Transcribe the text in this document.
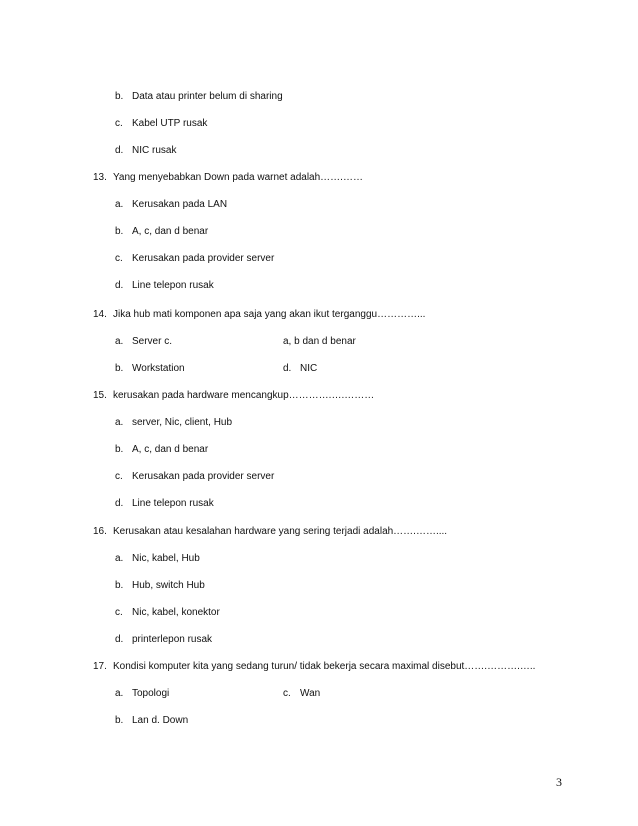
b. Data atau printer belum di sharing
c. Kabel UTP rusak
d. NIC rusak
13. Yang menyebabkan Down pada warnet adalah…….……
a. Kerusakan pada LAN
b. A, c, dan d benar
c. Kerusakan pada provider server
d. Line telepon rusak
14. Jika hub mati komponen apa saja yang akan ikut terganggu…………...
a. Server c.	a, b dan d benar
b. Workstation	d. NIC
15. kerusakan pada hardware mencangkup………….….………
a. server, Nic, client, Hub
b. A, c, dan d benar
c. Kerusakan pada provider server
d. Line telepon rusak
16. Kerusakan atau kesalahan hardware yang sering terjadi adalah…….……....
a. Nic, kabel, Hub
b. Hub, switch Hub
c. Nic, kabel, konektor
d. printerlepon rusak
17. Kondisi komputer kita yang sedang turun/ tidak bekerja secara maximal disebut…….……….…..
a. Topologi	c. Wan
b. Lan d. Down
3
